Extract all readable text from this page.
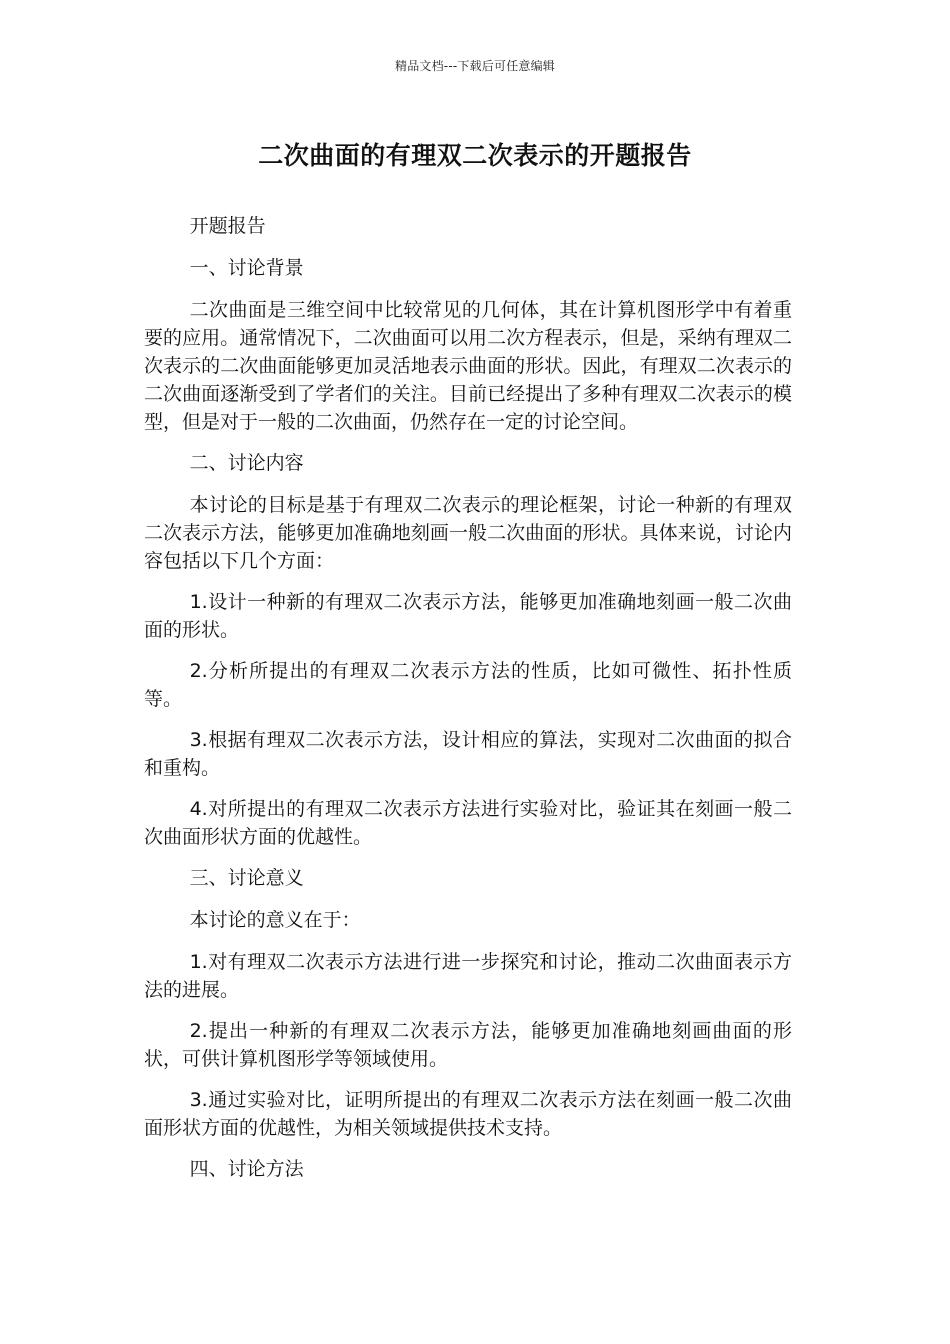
精品文档---下载后可任意编辑
二次曲面的有理双二次表示的开题报告

开题报告

一、讨论背景

二次曲面是三维空间中比较常见的几何体，其在计算机图形学中有着重要的应用。通常情况下，二次曲面可以用二次方程表示，但是，采纳有理双二次表示的二次曲面能够更加灵活地表示曲面的形状。因此，有理双二次表示的二次曲面逐渐受到了学者们的关注。目前已经提出了多种有理双二次表示的模型，但是对于一般的二次曲面，仍然存在一定的讨论空间。

二、讨论内容

本讨论的目标是基于有理双二次表示的理论框架，讨论一种新的有理双二次表示方法，能够更加准确地刻画一般二次曲面的形状。具体来说，讨论内容包括以下几个方面：

1.设计一种新的有理双二次表示方法，能够更加准确地刻画一般二次曲面的形状。

2.分析所提出的有理双二次表示方法的性质，比如可微性、拓扑性质等。

3.根据有理双二次表示方法，设计相应的算法，实现对二次曲面的拟合和重构。

4.对所提出的有理双二次表示方法进行实验对比，验证其在刻画一般二次曲面形状方面的优越性。

三、讨论意义

本讨论的意义在于：

1.对有理双二次表示方法进行进一步探究和讨论，推动二次曲面表示方法的进展。

2.提出一种新的有理双二次表示方法，能够更加准确地刻画曲面的形状，可供计算机图形学等领域使用。

3.通过实验对比，证明所提出的有理双二次表示方法在刻画一般二次曲面形状方面的优越性，为相关领域提供技术支持。

四、讨论方法
